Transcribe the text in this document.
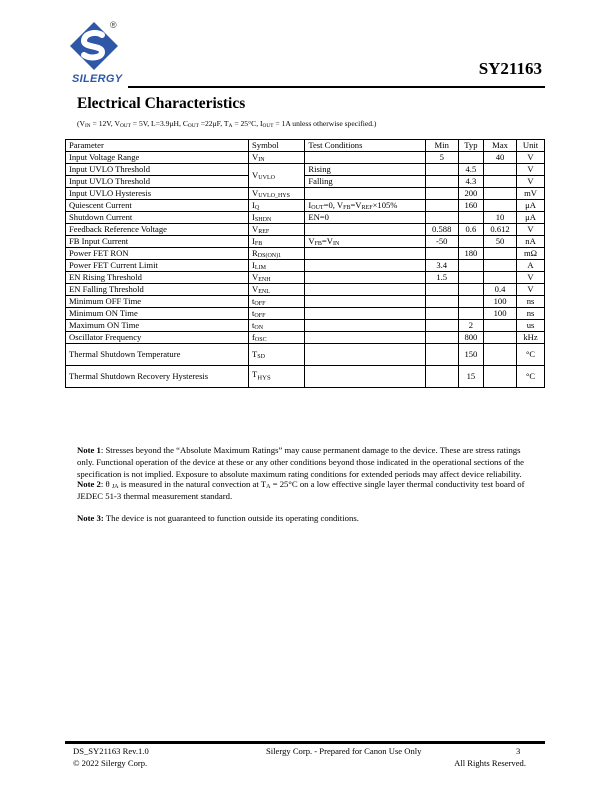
®
SILERGY
SY21163
Electrical Characteristics
($V_{IN} = 12V$, $V_{OUT} = 5V$, L=3.9μH, $C_{OUT} =22\mu F$, $T_A = 25^\circ C$, $I_{OUT} = 1A$ unless otherwise specified.)
Parameter	Symbol	Test Conditions	Min	Typ	Max	Unit
Input Voltage Range	$V_{IN}$		5		40	V
Input UVLO Threshold	$V_{UVLO}$	Rising		4.5		V
Input UVLO Threshold		Falling		4.3		V
Input UVLO Hysteresis	$V_{UVLO\_HYS}$			200		mV
Quiescent Current	$I_Q$	$I_{OUT}=0$, $V_{FB}=V_{REF}\times 105\%$		160		μA
Shutdown Current	$I_{SHDN}$	EN=0			10	μA
Feedback Reference Voltage	$V_{REF}$		0.588	0.6	0.612	V
FB Input Current	$I_{FB}$	$V_{FB}=V_{IN}$	-50		50	nA
Power FET RON	$R_{DS(ON)1}$			180		mΩ
Power FET Current Limit	$I_{LIM}$		3.4			A
EN Rising Threshold	$V_{ENH}$		1.5			V
EN Falling Threshold	$V_{ENL}$				0.4	V
Minimum OFF Time	$t_{OFF}$				100	ns
Minimum ON Time	$t_{OFF}$				100	ns
Maximum ON Time	$t_{ON}$			2		us
Oscillator Frequency	$f_{OSC}$			800		kHz
Thermal Shutdown Temperature	$T_{SD}$			150		°C
Thermal Shutdown Recovery Hysteresis	$T_{HYS}$			15		°C
Note 1: Stresses beyond the “Absolute Maximum Ratings” may cause permanent damage to the device. These are stress ratings only. Functional operation of the device at these or any other conditions beyond those indicated in the operational sections of the specification is not implied. Exposure to absolute maximum rating conditions for extended periods may affect device reliability.
Note 2: θ $_{JA}$ is measured in the natural convection at $T_A = 25^\circ C$ on a low effective single layer thermal conductivity test board of JEDEC 51-3 thermal measurement standard.
Note 3: The device is not guaranteed to function outside its operating conditions.
DS_SY21163 Rev.1.0
© 2022 Silergy Corp.
Silergy Corp. - Prepared for Canon Use Only	3
All Rights Reserved.
